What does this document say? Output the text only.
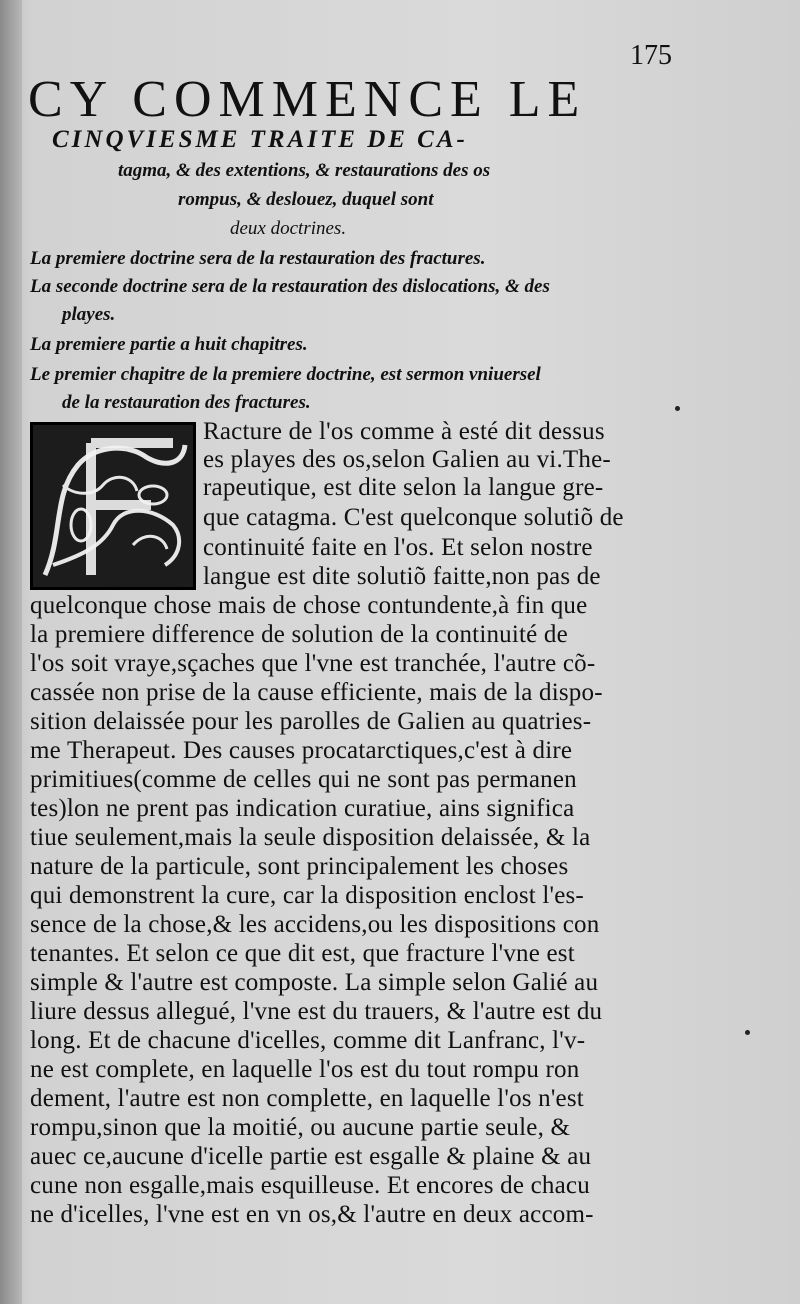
175
CY COMMENCE LE
CINQVIESME TRAITE DE CA-
tagma, & des extentions, & restaurations des os
rompus, & deslouez, duquel sont
deux doctrines.
La premiere doctrine sera de la restauration des fractures.
La seconde doctrine sera de la restauration des dislocations, & des
playes.
La premiere partie a huit chapitres.
Le premier chapitre de la premiere doctrine, est sermon vniuersel
de la restauration des fractures.
F
Racture de l'os comme à esté dit dessus
es playes des os,selon Galien au vi.The-
rapeutique, est dite selon la langue gre-
que catagma. C'est quelconque solutiõ de
continuité faite en l'os. Et selon nostre
langue est dite solutiõ faitte,non pas de
quelconque chose mais de chose contundente,à fin que
la premiere difference de solution de la continuité de
l'os soit vraye,sçaches que l'vne est tranchée, l'autre cõ-
cassée non prise de la cause efficiente, mais de la dispo-
sition delaissée pour les parolles de Galien au quatries-
me Therapeut. Des causes procatarctiques,c'est à dire
primitiues(comme de celles qui ne sont pas permanen
tes)lon ne prent pas indication curatiue, ains significa
tiue seulement,mais la seule disposition delaissée, & la
nature de la particule, sont principalement les choses
qui demonstrent la cure, car la disposition enclost l'es-
sence de la chose,& les accidens,ou les dispositions con
tenantes. Et selon ce que dit est, que fracture l'vne est
simple & l'autre est composte. La simple selon Galié au
liure dessus allegué, l'vne est du trauers, & l'autre est du
long. Et de chacune d'icelles, comme dit Lanfranc, l'v-
ne est complete, en laquelle l'os est du tout rompu ron
dement, l'autre est non complette, en laquelle l'os n'est
rompu,sinon que la moitié, ou aucune partie seule, &
auec ce,aucune d'icelle partie est esgalle & plaine & au
cune non esgalle,mais esquilleuse. Et encores de chacu
ne d'icelles, l'vne est en vn os,& l'autre en deux accom-
